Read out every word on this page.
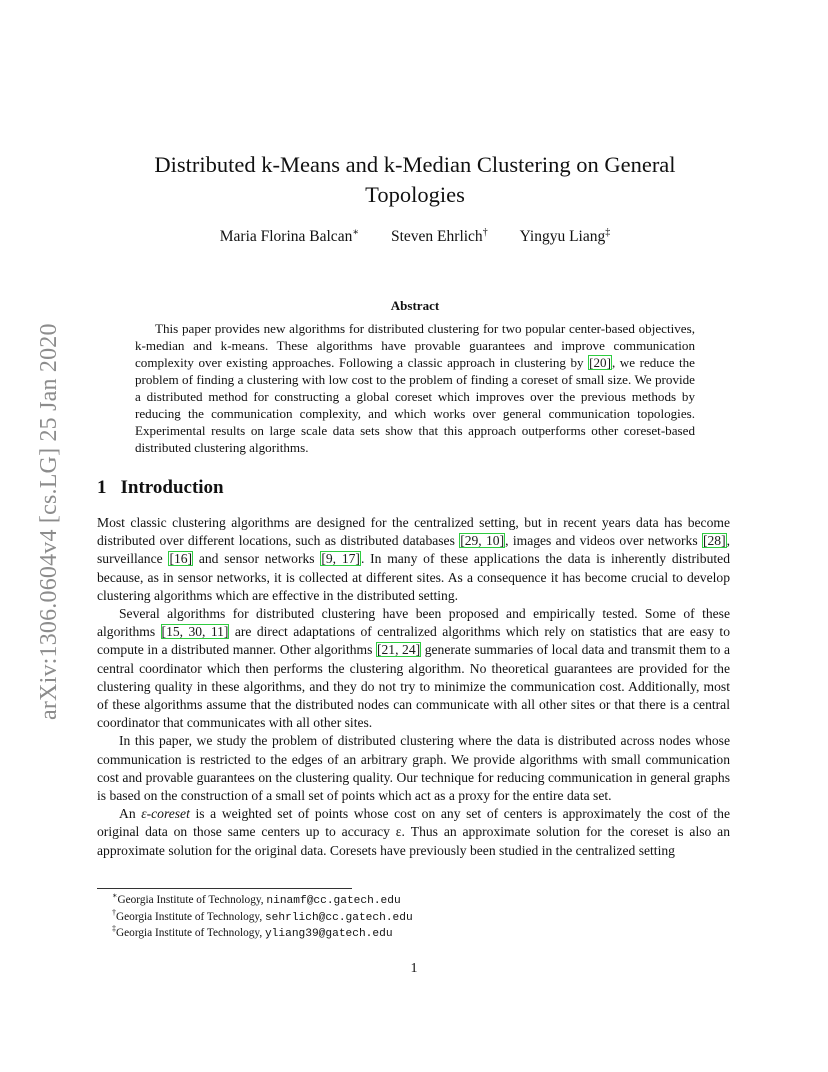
arXiv:1306.0604v4 [cs.LG] 25 Jan 2020
Distributed k-Means and k-Median Clustering on General
Topologies
Maria Florina Balcan∗ Steven Ehrlich† Yingyu Liang‡
Abstract

This paper provides new algorithms for distributed clustering for two popular center-based objectives, k-median and k-means. These algorithms have provable guarantees and improve communication complexity over existing approaches. Following a classic approach in clustering by [20], we reduce the problem of finding a clustering with low cost to the problem of finding a coreset of small size. We provide a distributed method for constructing a global coreset which improves over the previous methods by reducing the communication complexity, and which works over general communication topologies. Experimental results on large scale data sets show that this approach outperforms other coreset-based distributed clustering algorithms.

1 Introduction

Most classic clustering algorithms are designed for the centralized setting, but in recent years data has become distributed over different locations, such as distributed databases [29, 10], images and videos over networks [28], surveillance [16] and sensor networks [9, 17]. In many of these applications the data is inherently distributed because, as in sensor networks, it is collected at different sites. As a consequence it has become crucial to develop clustering algorithms which are effective in the distributed setting.

Several algorithms for distributed clustering have been proposed and empirically tested. Some of these algorithms [15, 30, 11] are direct adaptations of centralized algorithms which rely on statistics that are easy to compute in a distributed manner. Other algorithms [21, 24] generate summaries of local data and transmit them to a central coordinator which then performs the clustering algorithm. No theoretical guarantees are provided for the clustering quality in these algorithms, and they do not try to minimize the communication cost. Additionally, most of these algorithms assume that the distributed nodes can communicate with all other sites or that there is a central coordinator that communicates with all other sites.

In this paper, we study the problem of distributed clustering where the data is distributed across nodes whose communication is restricted to the edges of an arbitrary graph. We provide algorithms with small communication cost and provable guarantees on the clustering quality. Our technique for reducing communication in general graphs is based on the construction of a small set of points which act as a proxy for the entire data set.

An ε-coreset is a weighted set of points whose cost on any set of centers is approximately the cost of the original data on those same centers up to accuracy ε. Thus an approximate solution for the coreset is also an approximate solution for the original data. Coresets have previously been studied in the centralized setting

∗Georgia Institute of Technology, ninamf@cc.gatech.edu
†Georgia Institute of Technology, sehrlich@cc.gatech.edu
‡Georgia Institute of Technology, yliang39@gatech.edu
1
